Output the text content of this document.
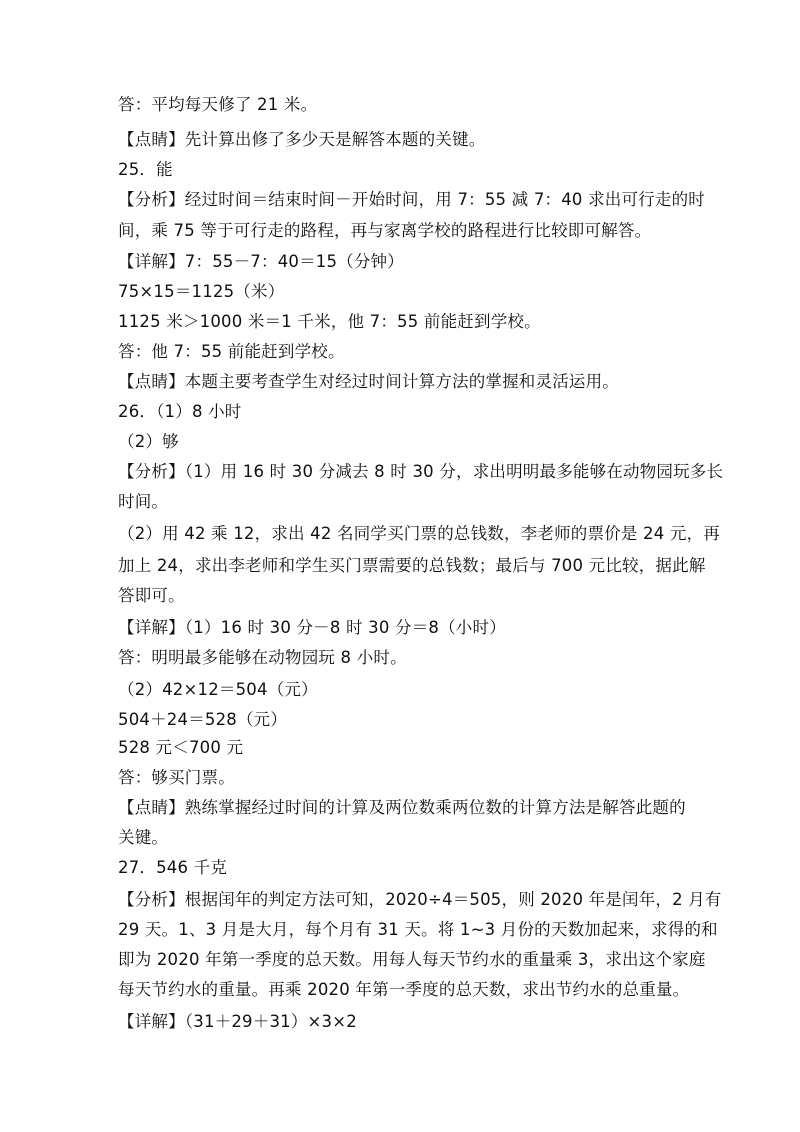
答：平均每天修了 21 米。
【点睛】先计算出修了多少天是解答本题的关键。
25．能
【分析】经过时间＝结束时间－开始时间，用 7：55 减 7：40 求出可行走的时
间，乘 75 等于可行走的路程，再与家离学校的路程进行比较即可解答。
【详解】7：55－7：40＝15（分钟）
75×15＝1125（米）
1125 米＞1000 米＝1 千米，他 7：55 前能赶到学校。
答：他 7：55 前能赶到学校。
【点睛】本题主要考查学生对经过时间计算方法的掌握和灵活运用。
26．（1）8 小时
（2）够
【分析】（1）用 16 时 30 分减去 8 时 30 分，求出明明最多能够在动物园玩多长
时间。
（2）用 42 乘 12，求出 42 名同学买门票的总钱数，李老师的票价是 24 元，再
加上 24，求出李老师和学生买门票需要的总钱数；最后与 700 元比较，据此解
答即可。
【详解】（1）16 时 30 分－8 时 30 分＝8（小时）
答：明明最多能够在动物园玩 8 小时。
（2）42×12＝504（元）
504＋24＝528（元）
528 元＜700 元
答：够买门票。
【点睛】熟练掌握经过时间的计算及两位数乘两位数的计算方法是解答此题的
关键。
27．546 千克
【分析】根据闰年的判定方法可知，2020÷4＝505，则 2020 年是闰年，2 月有
29 天。1、3 月是大月，每个月有 31 天。将 1~3 月份的天数加起来，求得的和
即为 2020 年第一季度的总天数。用每人每天节约水的重量乘 3，求出这个家庭
每天节约水的重量。再乘 2020 年第一季度的总天数，求出节约水的总重量。
【详解】（31＋29＋31）×3×2
